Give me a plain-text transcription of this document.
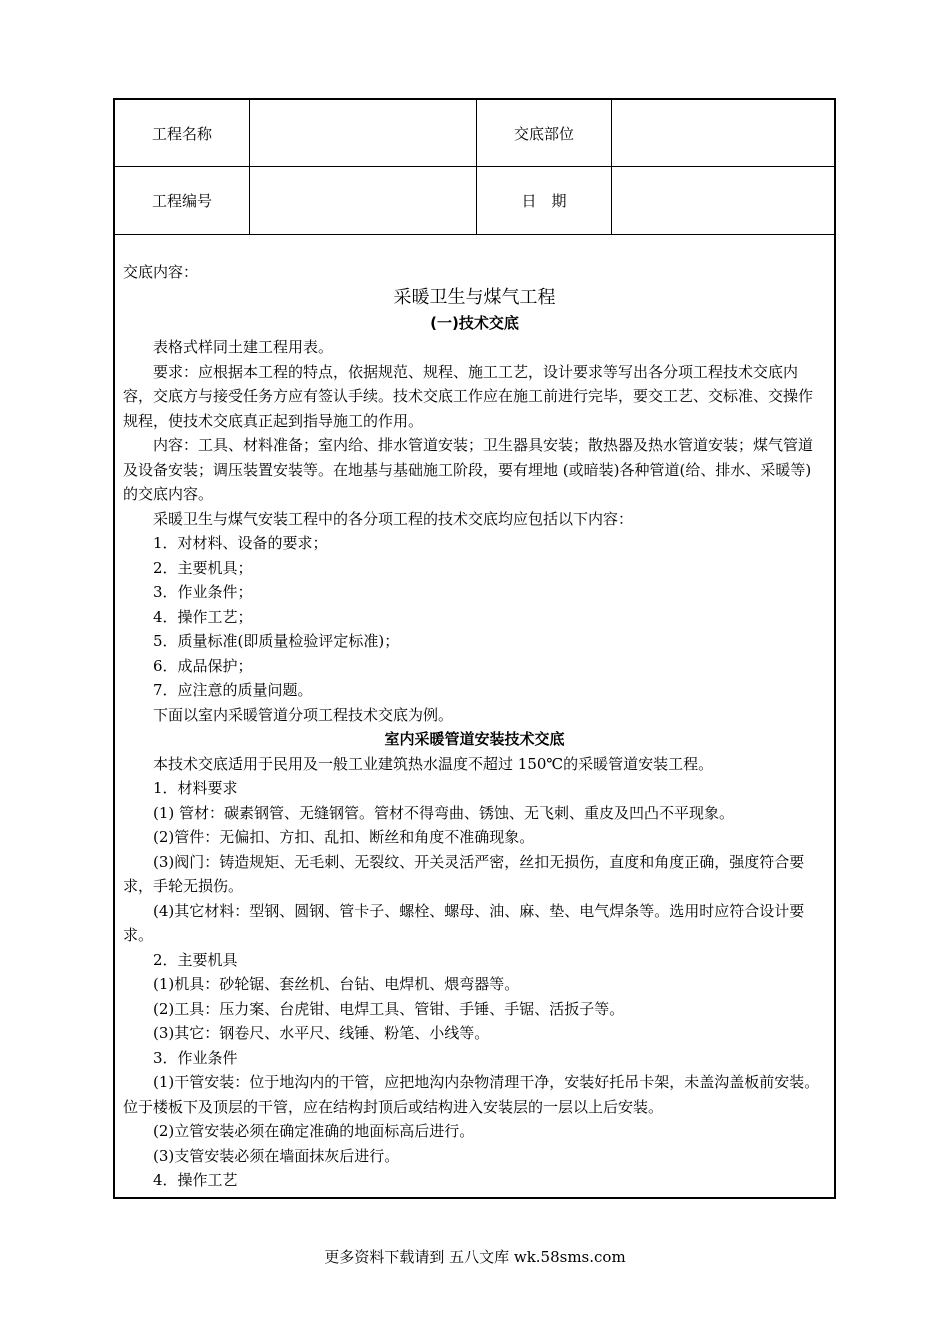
工程名称	交底部位
工程编号	日　期

交底内容：

采暖卫生与煤气工程

(一)技术交底

表格式样同土建工程用表。

要求：应根据本工程的特点，依据规范、规程、施工工艺，设计要求等写出各分项工程技术交底内容，交底方与接受任务方应有签认手续。技术交底工作应在施工前进行完毕，要交工艺、交标准、交操作规程，使技术交底真正起到指导施工的作用。

内容：工具、材料准备；室内给、排水管道安装；卫生器具安装；散热器及热水管道安装；煤气管道及设备安装；调压装置安装等。在地基与基础施工阶段，要有埋地 (或暗装)各种管道(给、排水、采暖等)的交底内容。

采暖卫生与煤气安装工程中的各分项工程的技术交底均应包括以下内容：

1．对材料、设备的要求；

2．主要机具；

3．作业条件；

4．操作工艺；

5．质量标准(即质量检验评定标准)；

6．成品保护；

7．应注意的质量问题。

下面以室内采暖管道分项工程技术交底为例。

室内采暖管道安装技术交底

本技术交底适用于民用及一般工业建筑热水温度不超过 150℃的采暖管道安装工程。

1．材料要求

(1) 管材：碳素钢管、无缝钢管。管材不得弯曲、锈蚀、无飞刺、重皮及凹凸不平现象。

(2)管件：无偏扣、方扣、乱扣、断丝和角度不准确现象。

(3)阀门：铸造规矩、无毛刺、无裂纹、开关灵活严密，丝扣无损伤，直度和角度正确，强度符合要求，手轮无损伤。

(4)其它材料：型钢、圆钢、管卡子、螺栓、螺母、油、麻、垫、电气焊条等。选用时应符合设计要求。

2．主要机具

(1)机具：砂轮锯、套丝机、台钻、电焊机、煨弯器等。

(2)工具：压力案、台虎钳、电焊工具、管钳、手锤、手锯、活扳子等。

(3)其它：钢卷尺、水平尺、线锤、粉笔、小线等。

3．作业条件

(1)干管安装：位于地沟内的干管，应把地沟内杂物清理干净，安装好托吊卡架，未盖沟盖板前安装。位于楼板下及顶层的干管，应在结构封顶后或结构进入安装层的一层以上后安装。

(2)立管安装必须在确定准确的地面标高后进行。

(3)支管安装必须在墙面抹灰后进行。

4．操作工艺

更多资料下载请到 五八文库 wk.58sms.com
